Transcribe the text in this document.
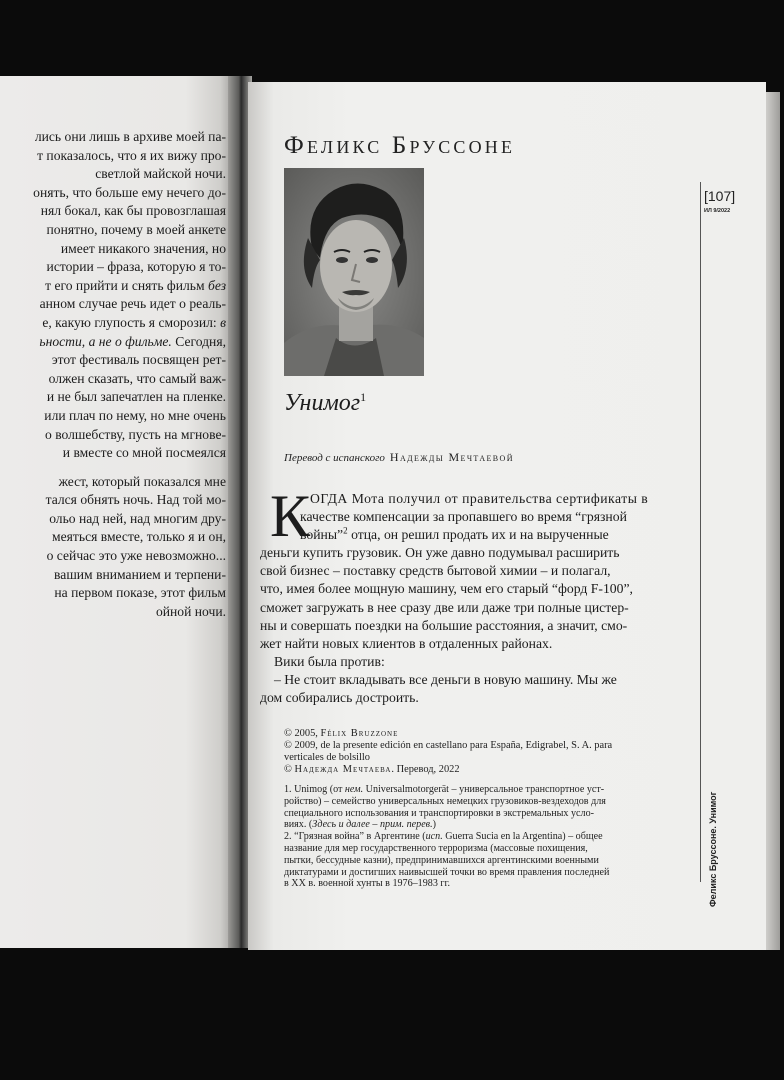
лись они лишь в архиве моей па-
т показалось, что я их вижу про-
светлой майской ночи.
онять, что больше ему нечего до-
нял бокал, как бы провозглашая
понятно, почему в моей анкете
имеет никакого значения, но
истории – фраза, которую я то-
т его прийти и снять фильм без
анном случае речь идет о реаль-
е, какую глупость я сморозил: в
ьности, а не о фильме. Сегодня,
этот фестиваль посвящен рет-
олжен сказать, что самый важ-
и не был запечатлен на пленке.
или плач по нему, но мне очень
о волшебству, пусть на мгнове-
и вместе со мной посмеялся
жест, который показался мне
тался обнять ночь. Над той мо-
ольо над ней, над многим дру-
меяться вместе, только я и он,
о сейчас это уже невозможно...
вашим вниманием и терпени-
на первом показе, этот фильм
ойной ночи.
Феликс Бруссоне
Унимог$^1$
Перевод с испанского Надежды Мечтаевой
К ОГДА Мота получил от правительства сертификаты в
качестве компенсации за пропавшего во время “грязной
войны”$^2$ отца, он решил продать их и на вырученные
деньги купить грузовик. Он уже давно подумывал расширить
свой бизнес – поставку средств бытовой химии – и полагал,
что, имея более мощную машину, чем его старый “форд F-100”,
сможет загружать в нее сразу две или даже три полные цистер-
ны и совершать поездки на большие расстояния, а значит, смо-
жет найти новых клиентов в отдаленных районах.
Вики была против:
– Не стоит вкладывать все деньги в новую машину. Мы же
дом собирались достроить.
© 2005, Félix Bruzzone
© 2009, de la presente edición en castellano para España, Edigrabel, S. A. para
verticales de bolsillo
© Надежда Мечтаева. Перевод, 2022
1. Unimog (от нем. Universalmotorgerät – универсальное транспортное уст-
ройство) – семейство универсальных немецких грузовиков-вездеходов для
специального использования и транспортировки в экстремальных усло-
виях. (Здесь и далее – прим. перев.)
2. “Грязная война” в Аргентине (исп. Guerra Sucia en la Argentina) – общее
название для мер государственного терроризма (массовые похищения,
пытки, бессудные казни), предпринимавшихся аргентинскими военными
диктатурами и достигших наивысшей точки во время правления последней
в XX в. военной хунты в 1976–1983 гг.
[107]
ИЛ 9/2022
Феликс Бруссоне. Унимог
